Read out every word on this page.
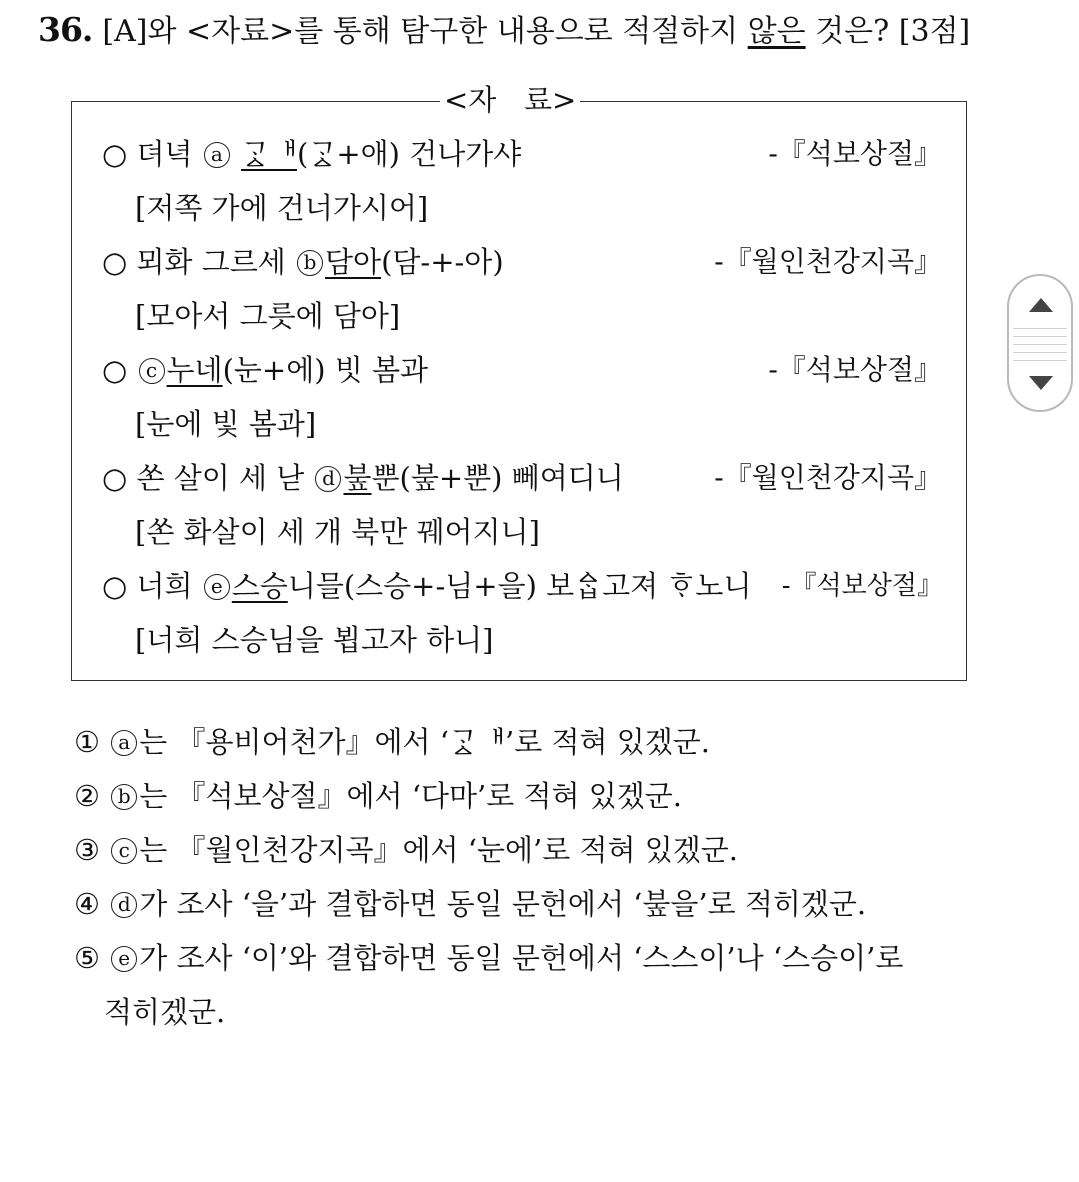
36. [A]와 <자료>를 통해 탐구한 내용으로 적절하지 않은 것은? [3점]
<자   료>
○ 뎌녁 a ᄀᆞᇫᅢ(ᄀᆞᇫ+애) 건나가샤	-『석보상절』
[저쪽 가에 건너가시어]
○ 뫼화 그르세 b 담아(담-+-아)	-『월인천강지곡』
[모아서 그릇에 담아]
○ c 누네(눈+에) 빗 봄과	-『석보상절』
[눈에 빛 봄과]
○ 쏜 살이 세 낟 d 붚뿐(붚+뿐) 뻬여디니	-『월인천강지곡』
[쏜 화살이 세 개 북만 꿰어지니]
○ 너희 e 스승니믈(스승+-님+을) 보ᅀᆞᆸ고져 ᄒᆞ노니 -『석보상절』
[너희 스승님을 뵙고자 하니]
① a 는 『용비어천가』에서 ‘ᄀᆞᇫᅢ’로 적혀 있겠군.
② b 는 『석보상절』에서 ‘다마’로 적혀 있겠군.
③ c 는 『월인천강지곡』에서 ‘눈에’로 적혀 있겠군.
④ d 가 조사 ‘을’과 결합하면 동일 문헌에서 ‘붚을’로 적히겠군.
⑤ e 가 조사 ‘이’와 결합하면 동일 문헌에서 ‘스스이’나 ‘스승이’로
적히겠군.
